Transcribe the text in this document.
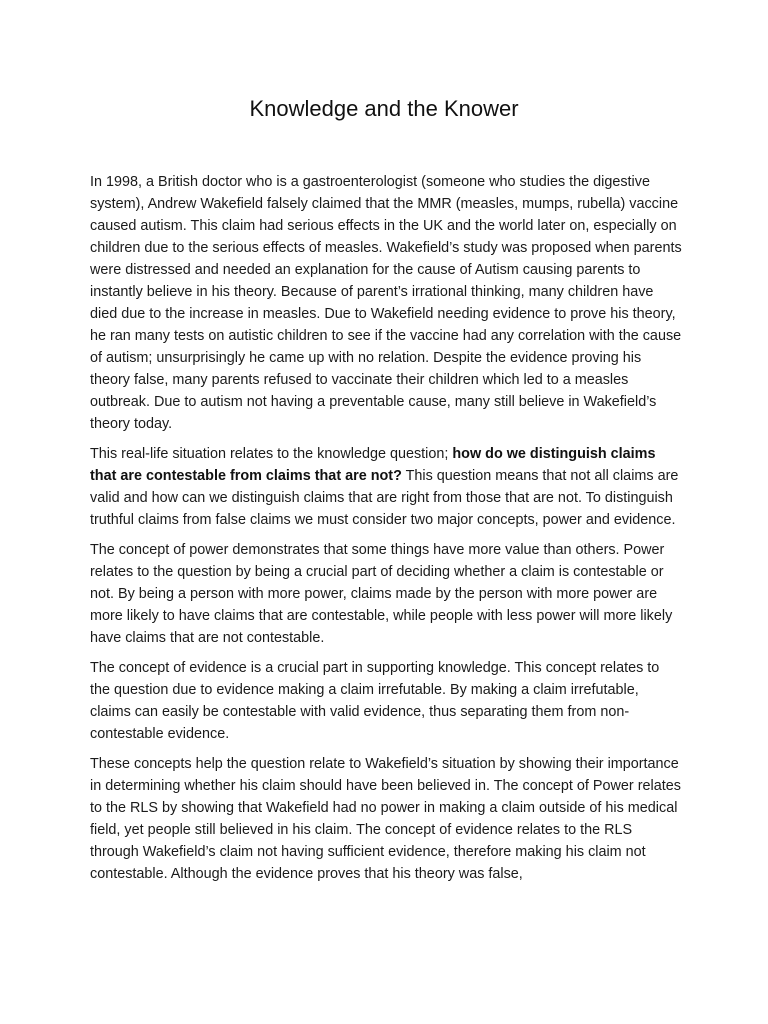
Knowledge and the Knower

In 1998, a British doctor who is a gastroenterologist (someone who studies the digestive system), Andrew Wakefield falsely claimed that the MMR (measles, mumps, rubella) vaccine caused autism. This claim had serious effects in the UK and the world later on, especially on children due to the serious effects of measles. Wakefield’s study was proposed when parents were distressed and needed an explanation for the cause of Autism causing parents to instantly believe in his theory. Because of parent’s irrational thinking, many children have died due to the increase in measles. Due to Wakefield needing evidence to prove his theory, he ran many tests on autistic children to see if the vaccine had any correlation with the cause of autism; unsurprisingly he came up with no relation. Despite the evidence proving his theory false, many parents refused to vaccinate their children which led to a measles outbreak. Due to autism not having a preventable cause, many still believe in Wakefield’s theory today.

This real-life situation relates to the knowledge question; how do we distinguish claims that are contestable from claims that are not? This question means that not all claims are valid and how can we distinguish claims that are right from those that are not. To distinguish truthful claims from false claims we must consider two major concepts, power and evidence.

The concept of power demonstrates that some things have more value than others. Power relates to the question by being a crucial part of deciding whether a claim is contestable or not. By being a person with more power, claims made by the person with more power are more likely to have claims that are contestable, while people with less power will more likely have claims that are not contestable.

The concept of evidence is a crucial part in supporting knowledge. This concept relates to the question due to evidence making a claim irrefutable. By making a claim irrefutable, claims can easily be contestable with valid evidence, thus separating them from non-contestable evidence.

These concepts help the question relate to Wakefield’s situation by showing their importance in determining whether his claim should have been believed in. The concept of Power relates to the RLS by showing that Wakefield had no power in making a claim outside of his medical field, yet people still believed in his claim. The concept of evidence relates to the RLS through Wakefield’s claim not having sufficient evidence, therefore making his claim not contestable. Although the evidence proves that his theory was false,
